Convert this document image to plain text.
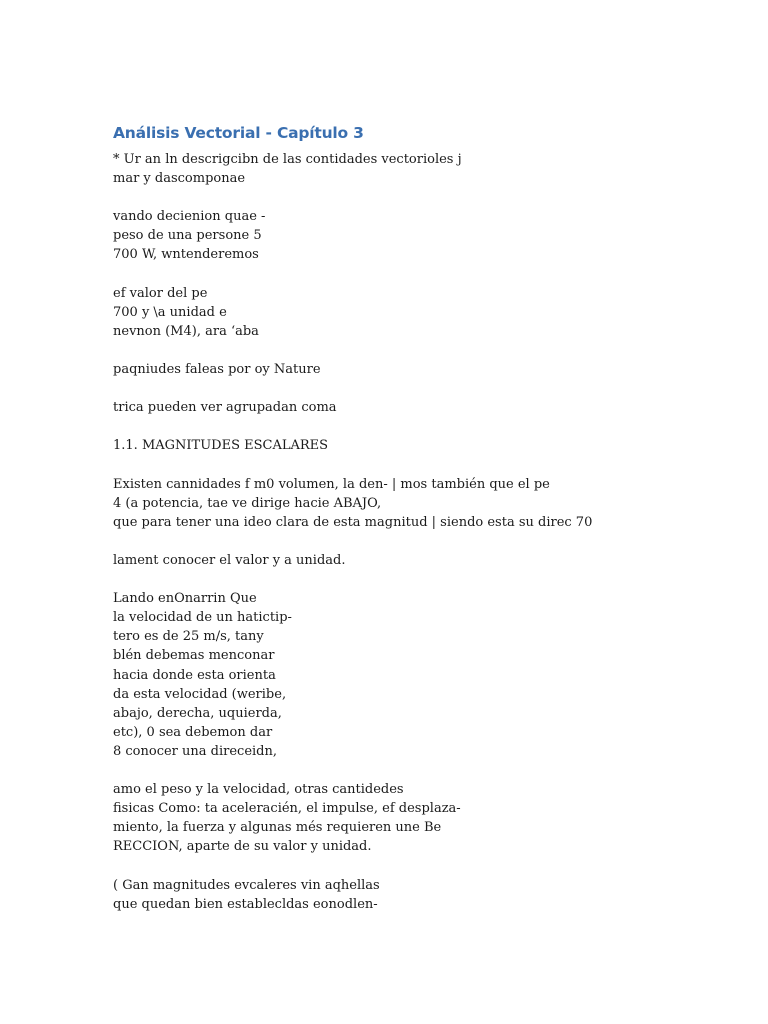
Análisis Vectorial - Capítulo 3

* Ur an ln descrigcibn de las contidades vectorioles j
mar y dascomponae

vando decienion quae -
peso de una persone 5
700 W, wntenderemos

ef valor del pe
700 y \a unidad e
nevnon (M4), ara ‘aba

paqniudes faleas por oy Nature

trica pueden ver agrupadan coma

1.1. MAGNITUDES ESCALARES

Existen cannidades f m0 volumen, la den- | mos también que el pe
4 (a potencia, tae ve dirige hacie ABAJO,
que para tener una ideo clara de esta magnitud | siendo esta su direc 70

lament conocer el valor y a unidad.

Lando enOnarrin Que
la velocidad de un hatictip-
tero es de 25 m/s, tany
blén debemas menconar
hacia donde esta orienta
da esta velocidad (weribe,
abajo, derecha, uquierda,
etc), 0 sea debemon dar
8 conocer una direceidn,

amo el peso y la velocidad, otras cantidedes
fisicas Como: ta aceleracién, el impulse, ef desplaza-
miento, la fuerza y algunas més requieren une Be
RECCION, aparte de su valor y unidad.

( Gan magnitudes evcaleres vin aqhellas
que quedan bien establecldas eonodlen-
